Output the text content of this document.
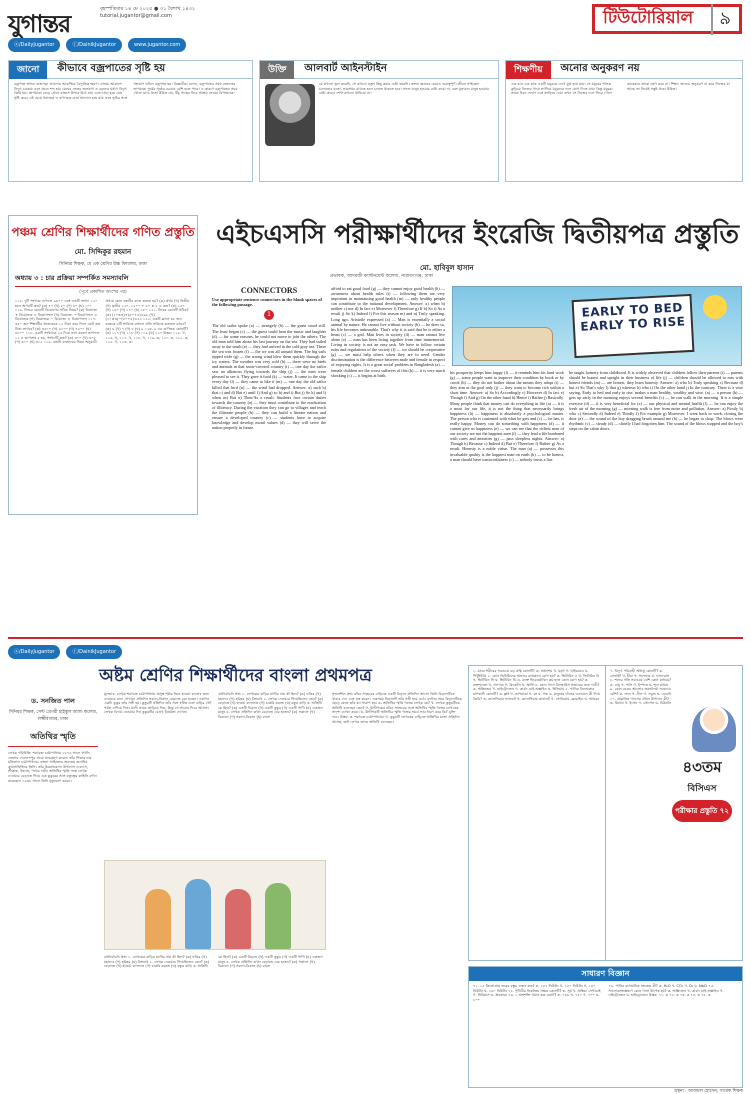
যুগান্তর	বৃহস্পতিবার ১৪ মে ২০২৫ ● ৩১ বৈশাখ ১৪৩২
tutorial.jugantor@gmail.com
ⓧ/DailyJugantor	ⓕ/DainikJugantor	www.jugantor.com
টিউটোরিয়াল	৯
জানো	কীভাবে বজ্রপাতের সৃষ্টি হয়
বজ্রপাত অথবা বাজপড়া আলোর আকস্মিক বৈদ্যুতিক ক্ষরণ। এসময় আকাশে বিদ্যুৎ চমকায় এবং প্রচণ্ড শব্দ হয়। মেঘের ভেতর জলকণা ও বরফের ঘর্ষণে বিদ্যুৎ তৈরি হয়। তাপমাত্রা বেড়ে গেলে বাতাস উপরে উঠে যায় এবং ঠান্ডা হয়ে মেঘ সৃষ্টি করে। এই মেঘে ধনাত্মক ও ঋণাত্মক চার্জ আলাদা হয়ে যায় এবং ভূমির সঙ্গে সংযোগ ঘটলে বজ্রপাত হয়। বিজ্ঞানীরা বলেন, বজ্রপাতের সময় বাতাসের তাপমাত্রা সূর্যের পৃষ্ঠের চেয়েও বেশি হতে পারে। এ কারণে বজ্রপাতের সময় খোলা মাঠে থাকা উচিত নয়, উঁচু গাছের নিচে আশ্রয় নেওয়া বিপজ্জনক।
উক্তি	আলবার্ট আইনস্টাইন
যে কখনো ভুল করেনি, সে কখনো নতুন কিছু করার চেষ্টা করেনি। কল্পনা জ্ঞানের চেয়েও গুরুত্বপূর্ণ। জীবন সাইকেল চালানোর মতো, ভারসাম্য রাখতে হলে চলতে থাকতে হবে। সফল মানুষ হওয়ার চেষ্টা করো না, বরং মূল্যবান মানুষ হওয়ার চেষ্টা করো। শেখা কখনো থামিয়ো না।
শিক্ষণীয়	অনোর অনুকরণ নয়
এক বনে এক কাক একটি ময়ূরকে দেখে মুগ্ধ হয়ে যায়। সে ময়ূরের পালক কুড়িয়ে নিজের গায়ে লাগিয়ে ময়ূরদের দলে যোগ দিতে যায়। কিন্তু ময়ূররা তাকে চিনে ফেলে এবং তাড়িয়ে দেয়। তখন সে নিজের দলে ফিরে গেলে কাকেরাও তাকে গ্রহণ করে না। শিক্ষা: অন্যের অনুকরণ না করে নিজের যা আছে তা নিয়েই সন্তুষ্ট থাকা উচিত।
পঞ্চম শ্রেণির শিক্ষার্থীদের গণিত প্রস্তুতি
মো. সিদ্দিকুর রহমান
সিনিয়র শিক্ষক, যে এক শ্রেণির উচ্চ বিদ্যালয়, ঢাকা
অধ্যায় ৩ : চার প্রক্রিয়া সম্পর্কিত সমস্যাবলি
(পূর্বে প্রকাশিত অংশের পর)
১১৫. দুটি সংখ্যার গুণফল ৯৬০০ এবং একটি সংখ্যা ১২০ হলে অপরটি কত? (ক) ৭০ (খ) ৮০ (গ) ৯০ (ঘ) ১০০ ১১৬. নিচের কোনটি বিয়োগের সঠিক নিয়ম? (ক) বিয়োজ্য + বিয়োজক = বিয়োগফল (খ) বিয়োজ্য − বিয়োগফল = বিয়োজক (গ) বিয়োজক − বিয়োজ্য = বিয়োগফল ১১৭. ৩৫০ জন শিক্ষার্থীর প্রত্যেককে ১২ টাকা করে দিলে মোট কত টাকা লাগবে? (ক) ৩৬০০ (খ) ৪২০০ (গ) ৪৫০০ (ঘ) ৪৮০০ ১১৮. একটি সংখ্যাকে ২৫ দিয়ে ভাগ করলে ভাগফল ১২ ও ভাগশেষ ৫ হয়, সংখ্যাটি কত? (ক) ৩০০ (খ) ৩০৫ (গ) ৩১০ (ঘ) ৩১৫ ১১৯. বন্ধনী ব্যবহারের নিয়ম অনুযায়ী প্রথমে কোন বন্ধনীর কাজ করতে হয়? (ক) প্রথম (খ) দ্বিতীয় (গ) তৃতীয় ১২০. ১২০০ ÷ ৪০ × ৫ = কত? (ক) ১৫০ (খ) ১৬০ (গ) ১৭০ (ঘ) ১৮০ ১২১. নিচের কোনটি সঠিক? (ক) (২০×৩)+(৪০÷৫)=৬৮ (খ) (২০×৩)−(৪০÷৫)=৫২ ১২২. একটি ক্লাসে ৪৮ জন ছাত্রকে ৬টি সারিতে বসালে প্রতি সারিতে কতজন বসবে? (ক) ৬ (খ) ৭ (গ) ৮ (ঘ) ৯ ১২৩. ৯ এর গুণিতক কোনটি? (ক) ১১৭ (খ) ১১৮ (গ) ১১৯ (ঘ) ১২০ উত্তর: ১১৫. খ, ১১৬. খ, ১১৭. খ, ১১৮. খ, ১১৯. ক, ১২০. ক, ১২১. ক, ১২২. গ, ১২৩. ক।
এইচএসসি পরীক্ষার্থীদের ইংরেজি দ্বিতীয়পত্র প্রস্তুতি
মো. হাবিবুল হাসান
প্রভাষক, আদমজী ক্যান্টনমেন্ট কলেজ, নারায়ণগঞ্জ, ঢাকা
CONNECTORS
Use appropriate sentence connectors in the blank spaces of the following passage.
1
The old sailor spoke (a) — strangely (b) — the guest stood still. The feast began (c) — the guest could hear the music and laughter (d) — for some reasons, he could not move to join the others. The old man told him about his last journey on the sea. They had sailed away to the south (e) — they had arrived in the cold gray sea. There the sea was frozen (f) — the ice was all around them. The big sails ripped wide (g) — the strong wind blew them quickly through the icy waters. The weather was very cold (h) — there were no birds and animals in that snow-covered country (i) — one day the sailor saw an albatross flying towards the ship (j) — the men were pleased to see it. They gave it food (k) — water. It came to the ship every day (l) — they came to like it (m) — one day the old sailor killed that bird (n) — the wind had dropped. Answer: a) such b) that c) and d) But e) until f) And g) so h) and i) But j) So k) and l) when m) But n) Then/As a result. Students face certain duties towards the country (a) — they must contribute to the eradication of illiteracy. During the vacation they can go to villages and teach the illiterate people (b) — they can build a literate nation and ensure a developed country (c) — students have to acquire knowledge and develop moral values (d) — they will serve the nation properly in future.
afford to eat good food (g) — they cannot enjoy good health (h) — awareness about health rules (i) — following them are very important in maintaining good health (m) — only healthy people can contribute to the national development. Answer: a) when b) neither c) nor d) In fact e) Moreover f) Therefore g) If h) So i) As a result j) So k) Indeed l) For this reason m) and n) Truly speaking. Long ago, Aristotle expressed (a) — Man is essentially a social animal by nature. He cannot live without society (b) — he does so, his life becomes unbearable. That's why it is said that he is either a beast (c) — a god. Man lives in society (d) — man cannot live alone (e) — man has been living together from time immemorial. Living in society is not an easy task. We have to follow certain rules and regulations of the society (f) — we should be cooperative (g) — we must help others when they are in need. Gender discrimination is the difference between male and female in respect of enjoying rights. It is a great social problem in Bangladesh (a) — female children are the worst sufferers of this (b) — it is very much shocking (c) — it begins at birth.
EARLY TO BED
EARLY TO RISE
his prosperity keeps him happy (f) — it reminds him his hard work (g) — some people want to improve their condition by hook or by crook (h) — they do not bother about the means they adopt (i) — they aim at the goal only (j) — they want to become rich within a short time. Answer: a) So b) Accordingly c) However d) In fact e) Though f) And g) On the other hand h) Hence i) Rather j) Basically. Many people think that money can do everything in life (a) — it is a must for our life, it is not the thing that necessarily brings happiness (b) — happiness is absolutely a psychological matter. The person who is contented with what he gets and (c) — he has, is really happy. Money can do something with happiness (d) — it cannot give us happiness (e) — we can see that the richest man of our society are not the happiest men (f) — they lead a life burdened with cares and anxieties (g) — pass sleepless nights. Answer: a) Though b) Because c) Indeed d) But e) Therefore f) Rather g) As a result. Honesty is a noble virtue. The man (a) — possesses this invaluable quality is the happiest man on earth (b) — to be honest, a man should have trustworthiness (c) — nobody trusts a liar.
be taught honesty from childhood. It is widely observed that children follow their parents (i) — parents should be honest and upright in their business of life (j) — children should be allowed to mix with honest friends (m) — are honest, they learn honesty. Answer: a) who b) Truly speaking c) Because d) but e) So That's why f) that g) whereas h) who i) On the other hand j) In the contrary. There is a wise saying, Early to bed and early to rise, makes a man healthy, wealthy and wise. (a) — a person (b) — gets up early in the morning enjoys several benefits (c) — he can walk in the morning. It is a simple exercise (d) — it is very beneficial for (e) — our physical and mental health (f) — he can enjoy the fresh air of the morning (g) — morning walk is free from noise and pollution. Answer: a) Firstly b) who c) Secondly d) Indeed e) Thirdly f) For example g) Moreover. I went back to work, closing the door (a) — the sound of the boy dragging brush around me (b) — he began to chop. The blows were rhythmic (c) — steady (d) — shortly I had forgotten him. The sound of the blows stopped and the boy's steps on the cabin doors.
ⓧ/DailyJugantor	ⓕ/DainikJugantor
অষ্টম শ্রেণির শিক্ষার্থীদের বাংলা প্রথমপত্র
ড. সনজিত পাল
সিনিয়র শিক্ষক, সেন্ট গ্রেগরী হাইস্কুল অ্যান্ড কলেজ, লক্ষ্মীবাজার, ঢাকা
অতিথির স্মৃতি
লেখক পরিচিতি: শরৎচন্দ্র চট্টোপাধ্যায় ১৮৭৬ সালে হুগলি জেলার দেবানন্দপুর গ্রামে জন্মগ্রহণ করেন। তাঁর পিতার নাম মতিলাল চট্টোপাধ্যায়। বাংলা সাহিত্যের অন্যতম জনপ্রিয় কথাসাহিত্যিক তিনি। তাঁর উল্লেখযোগ্য উপন্যাস দেবদাস, শ্রীকান্ত, গৃহদাহ, পথের দাবী। অতিথির স্মৃতি গল্পে লেখক দেওঘরে বেড়াতে গিয়ে এক কুকুরের সঙ্গে বন্ধুত্বের কাহিনি বর্ণনা করেছেন। ১৯৩৮ সালে তিনি মৃত্যুবরণ করেন।
মূলভাব: লেখক শরৎচন্দ্র চট্টোপাধ্যায় অসুস্থ শরীর নিয়ে হাওয়া বদলের জন্য দেওঘরে যান। সেখানে প্রতিদিন সকাল-বিকাল বেড়াতে বের হতেন। একদিন একটা কুকুর তাঁর সঙ্গী হয়। কুকুরটি প্রতিদিন তাঁর সঙ্গে হাঁটত এবং বাড়ির গেট পর্যন্ত এগিয়ে দিত। মালী তাকে তাড়িয়ে দিত, কিন্তু সে আবার ফিরে আসত। লেখক বিদায় নেওয়ার দিন কুকুরটির চোখে বিষণ্ণতা দেখেন।
বহুনির্বাচনি প্রশ্ন: ১. লেখকের বাড়ির মালীর নাম কী ছিল? (ক) ফকির (খ) মহাদেব (গ) হরিহর (ঘ) বিশ্বনাথ ২. লেখক দেওঘরে গিয়েছিলেন কেন? (ক) বেড়াতে (খ) হাওয়া বদলাতে (গ) চাকরি করতে (ঘ) বন্ধুর বাড়ি ৩. অতিথি কে ছিল? (ক) একটি বিড়াল (খ) একটি কুকুর (গ) একটি পাখি (ঘ) একজন মানুষ ৪. লেখক প্রতিদিন কখন বেড়াতে বের হতেন? (ক) সকালে (খ) বিকালে (গ) সকাল-বিকাল (ঘ) রাতে
বহুনির্বাচনি প্রশ্ন: ১. লেখকের বাড়ির মালীর নাম কী ছিল? (ক) ফকির (খ) মহাদেব (গ) হরিহর (ঘ) বিশ্বনাথ ২. লেখক দেওঘরে গিয়েছিলেন কেন? (ক) বেড়াতে (খ) হাওয়া বদলাতে (গ) চাকরি করতে (ঘ) বন্ধুর বাড়ি ৩. অতিথি কে ছিল? (ক) একটি বিড়াল (খ) একটি কুকুর (গ) একটি পাখি (ঘ) একজন মানুষ ৪. লেখক প্রতিদিন কখন বেড়াতে বের হতেন? (ক) সকালে (খ) বিকালে (গ) সকাল-বিকাল (ঘ) রাতে
সৃজনশীল প্রশ্ন: রবিন সাহেবের বাড়িতে একটি বিড়াল প্রতিদিন আসে। তিনি বিড়ালটিকে খাবার দেন এবং যত্ন করেন। একসময় বিড়ালটি তাঁর সঙ্গী হয়ে ওঠে। বদলির সময় বিড়ালটিকে ছেড়ে যেতে তাঁর মন খারাপ হয়। ক. অতিথির স্মৃতি গল্পের লেখক কে? খ. লেখক কুকুরটিকে অতিথি বলেছেন কেন? গ. উদ্দীপকের রবিন সাহেবের সঙ্গে অতিথির স্মৃতি গল্পের লেখকের সাদৃশ্য ব্যাখ্যা করো। ঘ. উদ্দীপকটি অতিথির স্মৃতি গল্পের সমগ্র ভাব ধারণ করে কি? যুক্তি দাও। উত্তর: ক. শরৎচন্দ্র চট্টোপাধ্যায়। খ. কুকুরটি লেখকের বাড়িতে অতিথির মতো প্রতিদিন আসত, তাই লেখক তাকে অতিথি বলেছেন।
১. মানব শরীরের সবচেয়ে বড় গ্রন্থি কোনটি? ক. অগ্ন্যাশয় খ. যকৃৎ গ. থাইরয়েড ঘ. পিটুইটারি ২. কোন ভিটামিনের অভাবে রাতকানা রোগ হয়? ক. ভিটামিন এ খ. ভিটামিন বি গ. ভিটামিন সি ঘ. ভিটামিন ডি ৩. রক্তে হিমোগ্লোবিন কম হলে কোন রোগ হয়? ক. রক্তশূন্যতা খ. গলগণ্ড গ. রিকেটস ঘ. স্কার্ভি ৪. কোন গ্যাস গ্রিনহাউস প্রভাবের জন্য দায়ী? ক. অক্সিজেন খ. নাইট্রোজেন গ. কার্বন ডাই-অক্সাইড ঘ. হিলিয়াম ৫. পানির বিশুদ্ধতার মাপকাঠি কোনটি? ক. pH খ. তাপমাত্রা গ. রং ঘ. গন্ধ ৬. মানুষের দাঁতের এনামেল কী দিয়ে তৈরি? ক. ক্যালসিয়াম ফসফেট খ. ক্যালসিয়াম কার্বনেট গ. সোডিয়াম ক্লোরাইড ঘ. আয়রন
৭. বিদ্যুৎ পরিবাহী অধাতু কোনটি? ক. গ্রাফাইট খ. হীরা গ. সালফার ঘ. ফসফরাস ৮. শব্দের গতি সবচেয়ে বেশি কোন মাধ্যমে? ক. বায়ু খ. পানি গ. ইস্পাত ঘ. শূন্য মাধ্যম ৯. কোন রঙের আলোর তরঙ্গদৈর্ঘ্য সবচেয়ে বেশি? ক. লাল খ. নীল গ. সবুজ ঘ. বেগুনি ১০. প্রাকৃতিক গ্যাসের প্রধান উপাদান কী? ক. মিথেন খ. ইথেন গ. প্রোপেন ঘ. বিউটেন
৪৩তম
বিসিএস
পরীক্ষার প্রস্তুতি ৭২
সাধারণ বিজ্ঞান
৭১. ১৫ কিলোগ্রাম ভরের বস্তুর ওজন কত? ক. ১৪৭ নিউটন খ. ১৫০ নিউটন গ. ১৪০ নিউটন ঘ. ১৬০ নিউটন ৭২. পৃথিবীর নিকটতম নক্ষত্র কোনটি? ক. সূর্য খ. প্রক্সিমা সেন্টারাই গ. সিরিয়াস ঘ. ধ্রুবতারা ৭৩. ১ অশ্বশক্তি সমান কত ওয়াট? ক. ৭৪৬ খ. ৭৫০ গ. ৭০০ ঘ. ৮০০
৭৪. পানির রাসায়নিক সংকেত কী? ক. H₂O খ. CO₂ গ. O₂ ঘ. NaCl ৭৫. সালোকসংশ্লেষণে কোন গ্যাস উৎপন্ন হয়? ক. অক্সিজেন খ. কার্বন ডাই-অক্সাইড গ. নাইট্রোজেন ঘ. হাইড্রোজেন উত্তর: ৭১. ক ৭২. ক ৭৩. ক ৭৪. ক ৭৫. ক
গ্রন্থনা : আজমল হোসেন, সাবেক শিক্ষক
